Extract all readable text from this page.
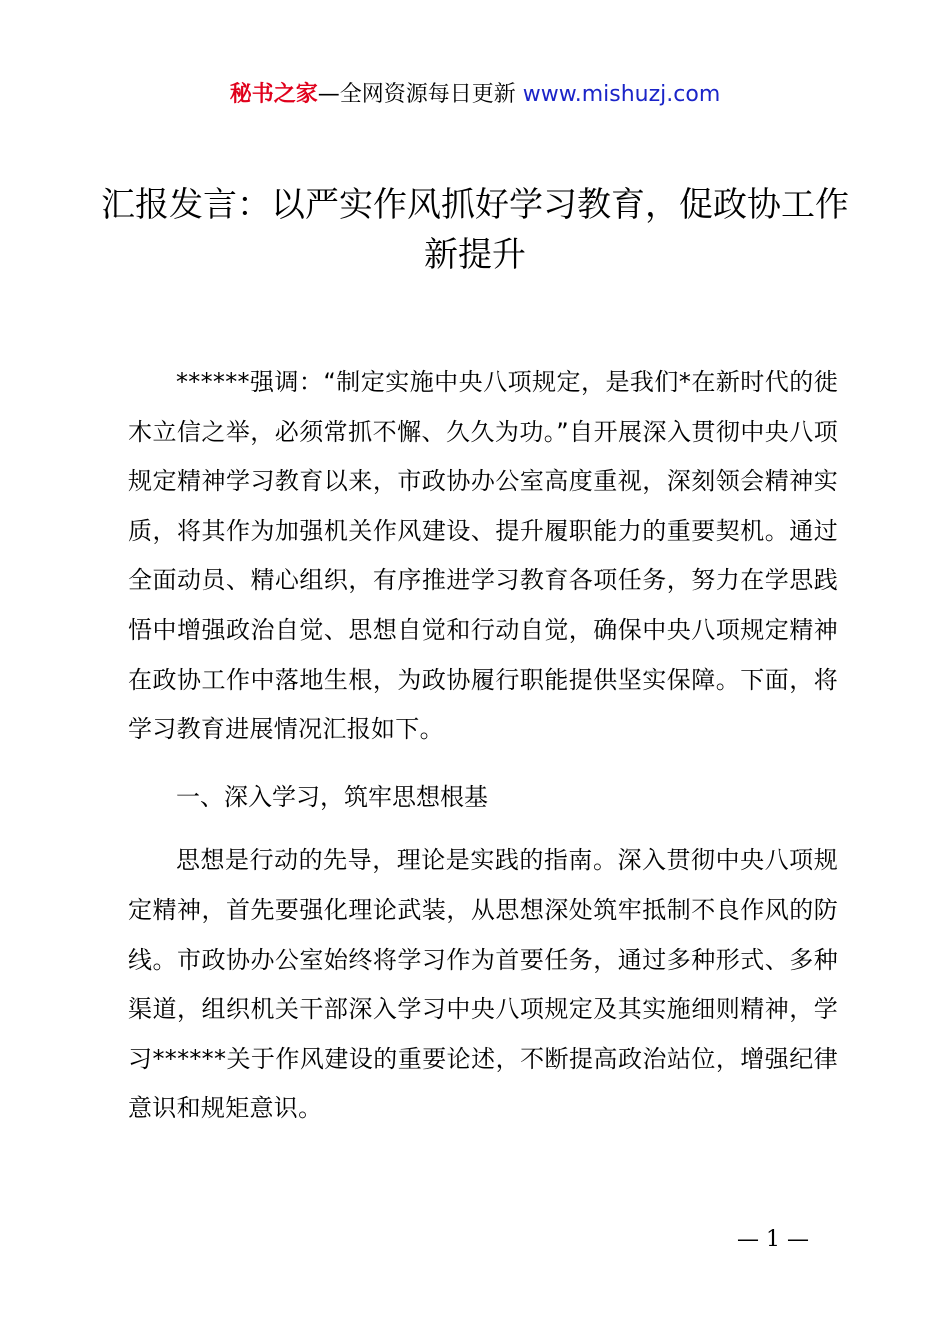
秘书之家—全网资源每日更新 www.mishuzj.com
汇报发言：以严实作风抓好学习教育，促政协工作新提升

******强调：“制定实施中央八项规定，是我们*在新时代的徙木立信之举，必须常抓不懈、久久为功。”自开展深入贯彻中央八项规定精神学习教育以来，市政协办公室高度重视，深刻领会精神实质，将其作为加强机关作风建设、提升履职能力的重要契机。通过全面动员、精心组织，有序推进学习教育各项任务，努力在学思践悟中增强政治自觉、思想自觉和行动自觉，确保中央八项规定精神在政协工作中落地生根，为政协履行职能提供坚实保障。下面，将学习教育进展情况汇报如下。

一、深入学习，筑牢思想根基

思想是行动的先导，理论是实践的指南。深入贯彻中央八项规定精神，首先要强化理论武装，从思想深处筑牢抵制不良作风的防线。市政协办公室始终将学习作为首要任务，通过多种形式、多种渠道，组织机关干部深入学习中央八项规定及其实施细则精神，学习******关于作风建设的重要论述，不断提高政治站位，增强纪律意识和规矩意识。

— 1 —
